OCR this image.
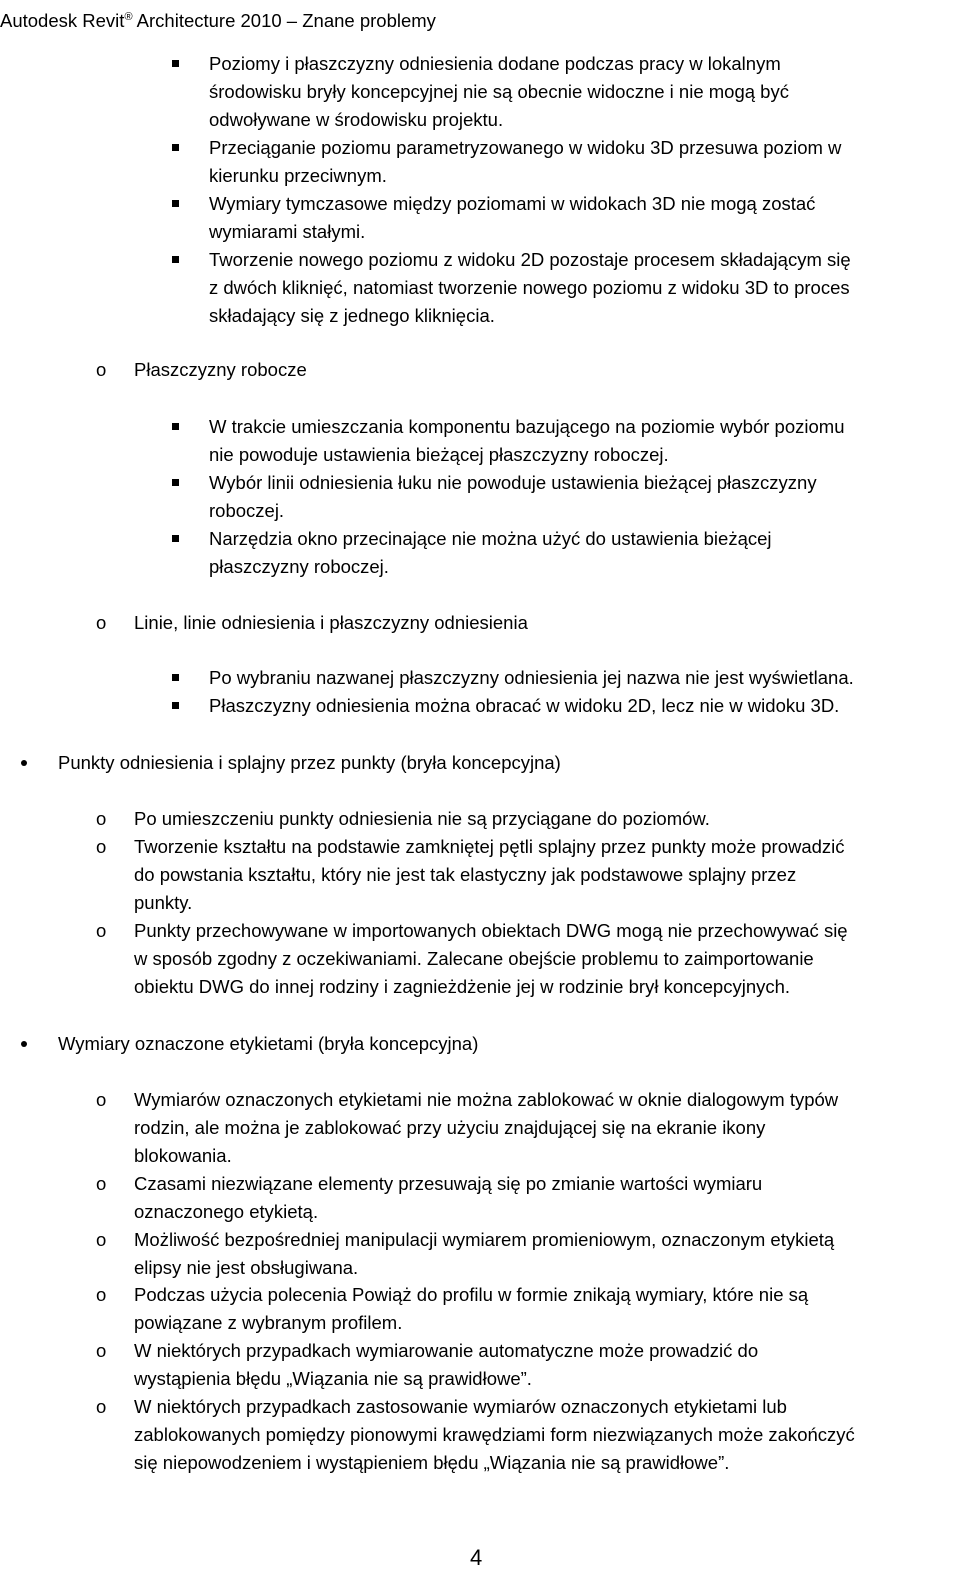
Autodesk Revit® Architecture 2010 – Znane problemy
Poziomy i płaszczyzny odniesienia dodane podczas pracy w lokalnym
środowisku bryły koncepcyjnej nie są obecnie widoczne i nie mogą być
odwoływane w środowisku projektu.
Przeciąganie poziomu parametryzowanego w widoku 3D przesuwa poziom w
kierunku przeciwnym.
Wymiary tymczasowe między poziomami w widokach 3D nie mogą zostać
wymiarami stałymi.
Tworzenie nowego poziomu z widoku 2D pozostaje procesem składającym się
z dwóch kliknięć, natomiast tworzenie nowego poziomu z widoku 3D to proces
składający się z jednego kliknięcia.
o Płaszczyzny robocze
W trakcie umieszczania komponentu bazującego na poziomie wybór poziomu
nie powoduje ustawienia bieżącej płaszczyzny roboczej.
Wybór linii odniesienia łuku nie powoduje ustawienia bieżącej płaszczyzny
roboczej.
Narzędzia okno przecinające nie można użyć do ustawienia bieżącej
płaszczyzny roboczej.
o Linie, linie odniesienia i płaszczyzny odniesienia
Po wybraniu nazwanej płaszczyzny odniesienia jej nazwa nie jest wyświetlana.
Płaszczyzny odniesienia można obracać w widoku 2D, lecz nie w widoku 3D.
Punkty odniesienia i splajny przez punkty (bryła koncepcyjna)
o Po umieszczeniu punkty odniesienia nie są przyciągane do poziomów.
o Tworzenie kształtu na podstawie zamkniętej pętli splajny przez punkty może prowadzić
do powstania kształtu, który nie jest tak elastyczny jak podstawowe splajny przez
punkty.
o Punkty przechowywane w importowanych obiektach DWG mogą nie przechowywać się
w sposób zgodny z oczekiwaniami. Zalecane obejście problemu to zaimportowanie
obiektu DWG do innej rodziny i zagnieżdżenie jej w rodzinie brył koncepcyjnych.
Wymiary oznaczone etykietami (bryła koncepcyjna)
o Wymiarów oznaczonych etykietami nie można zablokować w oknie dialogowym typów
rodzin, ale można je zablokować przy użyciu znajdującej się na ekranie ikony
blokowania.
o Czasami niezwiązane elementy przesuwają się po zmianie wartości wymiaru
oznaczonego etykietą.
o Możliwość bezpośredniej manipulacji wymiarem promieniowym, oznaczonym etykietą
elipsy nie jest obsługiwana.
o Podczas użycia polecenia Powiąż do profilu w formie znikają wymiary, które nie są
powiązane z wybranym profilem.
o W niektórych przypadkach wymiarowanie automatyczne może prowadzić do
wystąpienia błędu „Wiązania nie są prawidłowe”.
o W niektórych przypadkach zastosowanie wymiarów oznaczonych etykietami lub
zablokowanych pomiędzy pionowymi krawędziami form niezwiązanych może zakończyć
się niepowodzeniem i wystąpieniem błędu „Wiązania nie są prawidłowe”.
4
